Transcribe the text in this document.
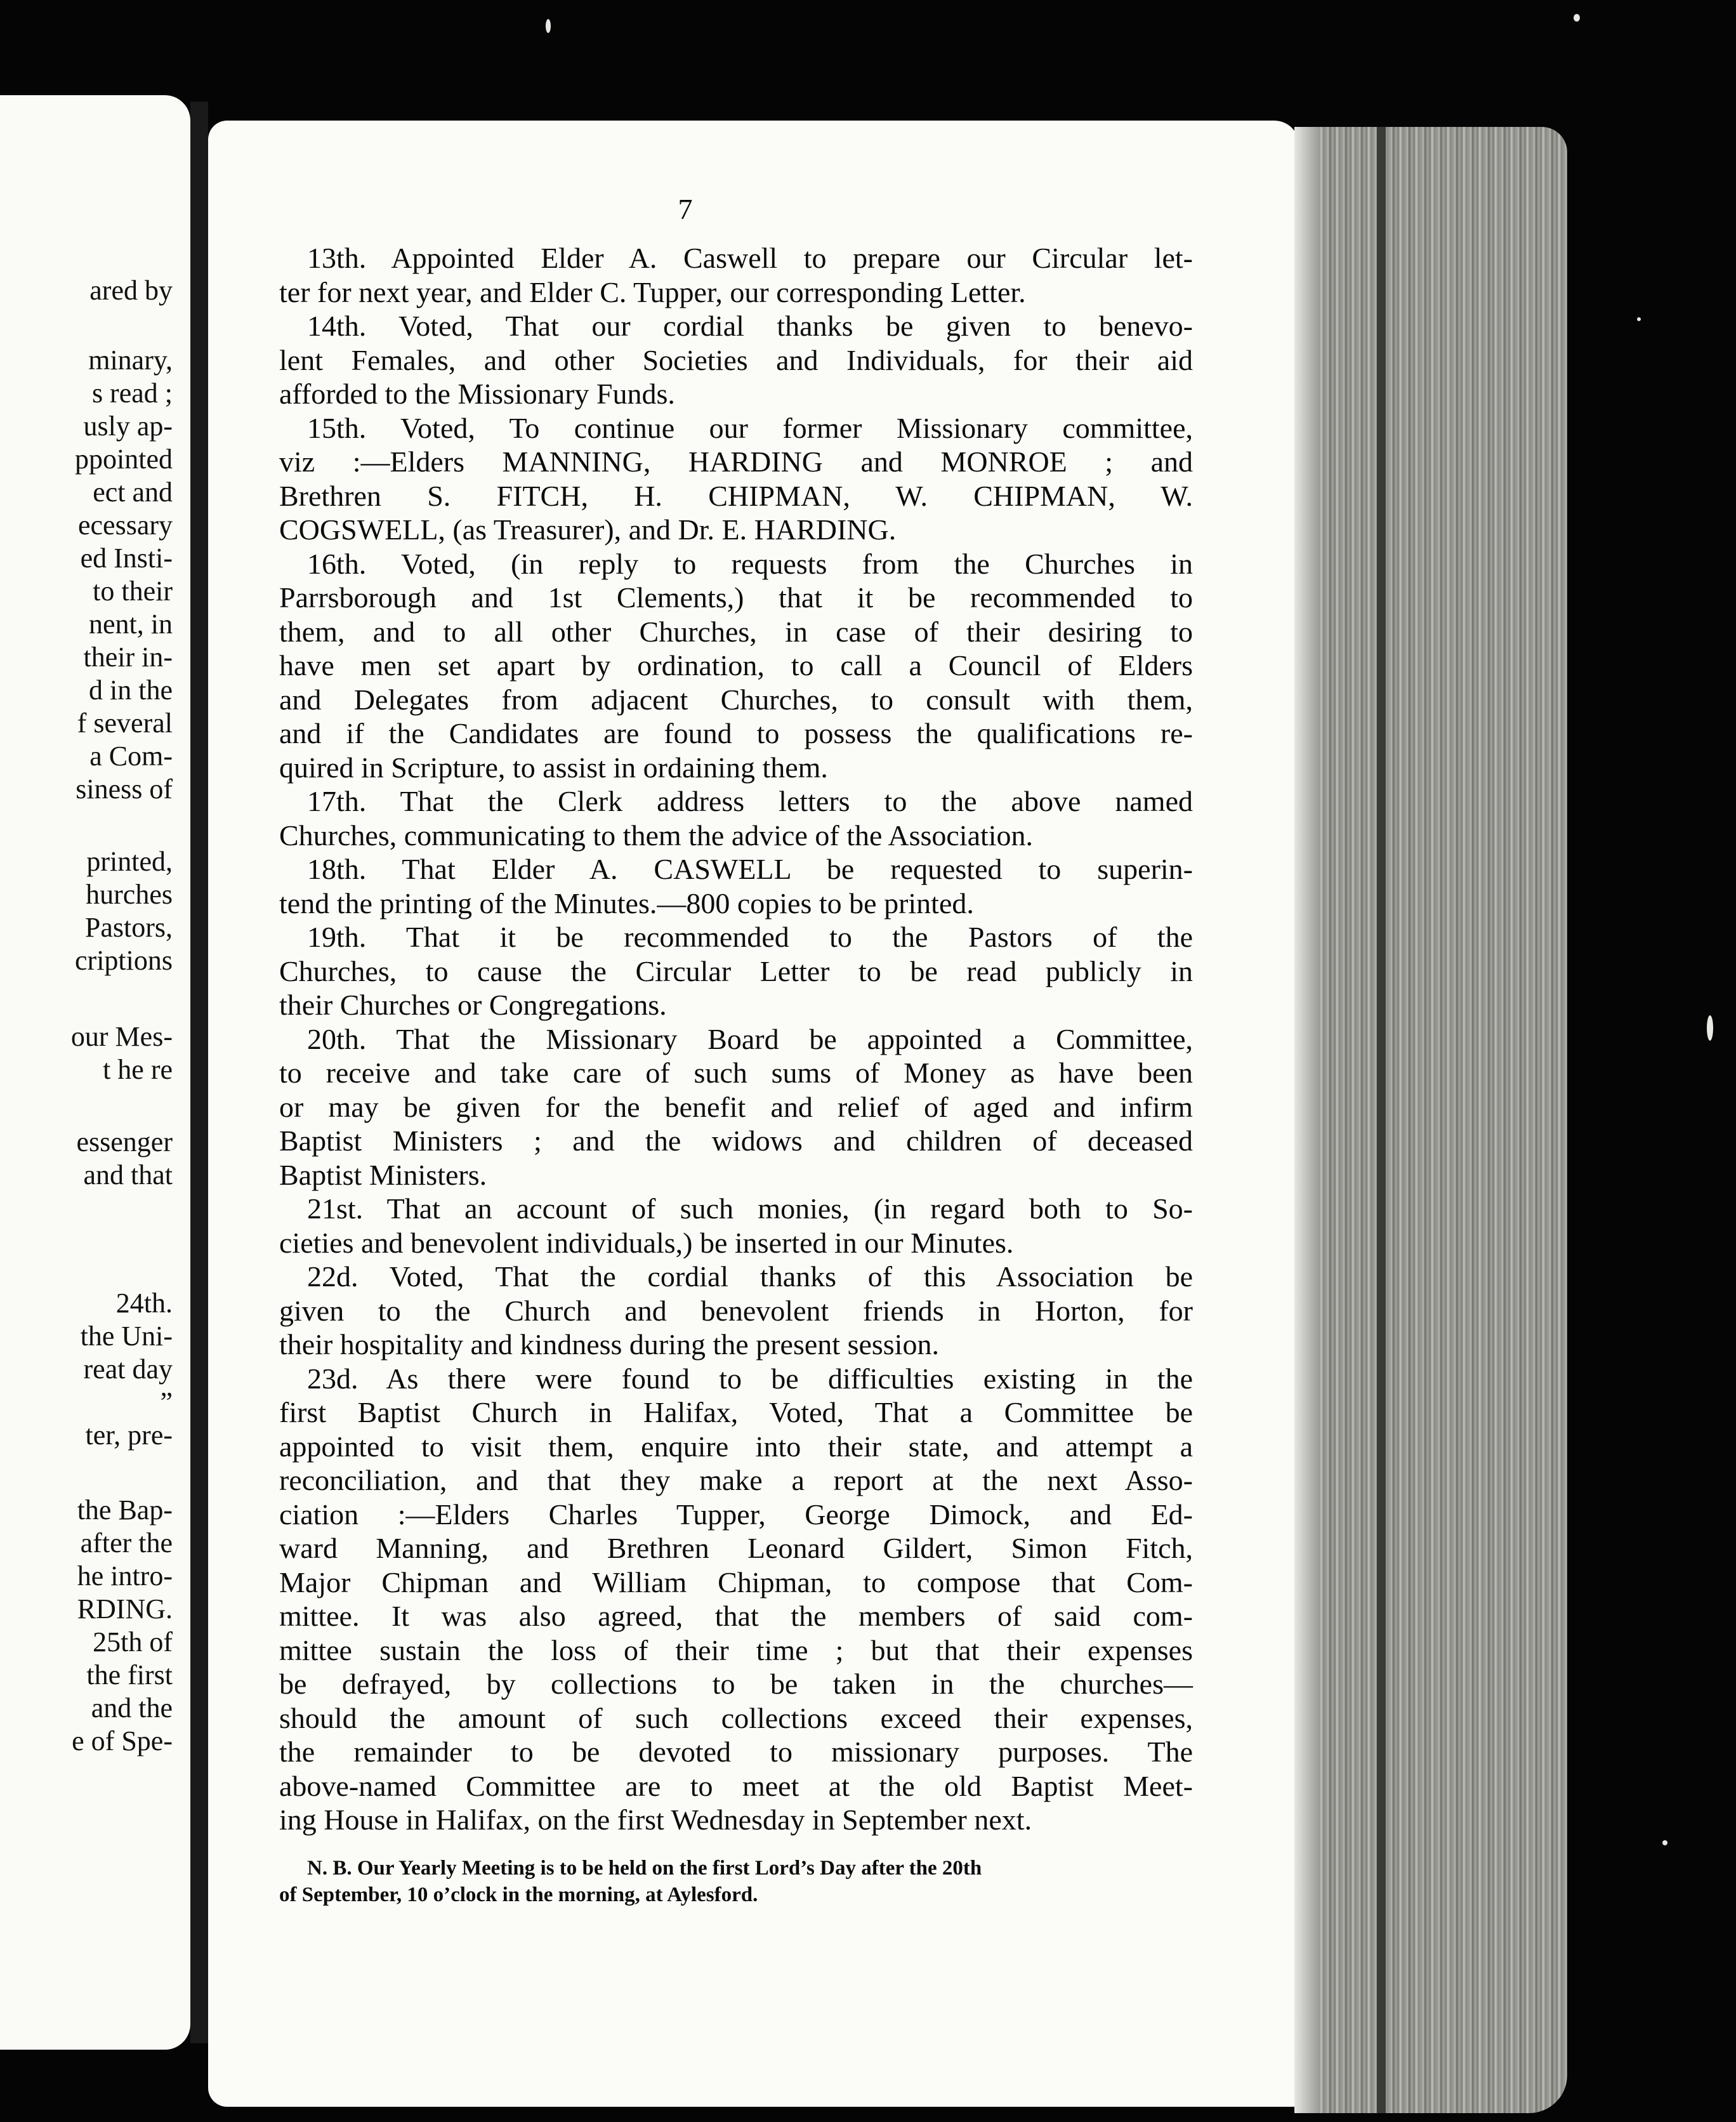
ared by
minary,
s read ;
usly ap-
ppointed
ect and
ecessary
ed Insti-
to their
nent, in
their in-
d in the
f several
a Com-
siness of
printed,
hurches
Pastors,
criptions
our Mes-
t he re
essenger
and that
24th.
the Uni-
reat day
”
ter, pre-
the Bap-
after the
he intro-
RDING.
25th of
the first
and the
e of Spe-
7
13th. Appointed Elder A. Caswell to prepare our Circular let-
ter for next year, and Elder C. Tupper, our corresponding Letter.
14th. Voted, That our cordial thanks be given to benevo-
lent Females, and other Societies and Individuals, for their aid
afforded to the Missionary Funds.
15th. Voted, To continue our former Missionary committee,
viz :—Elders MANNING, HARDING and MONROE ; and
Brethren S. FITCH, H. CHIPMAN, W. CHIPMAN, W.
COGSWELL, (as Treasurer), and Dr. E. HARDING.
16th. Voted, (in reply to requests from the Churches in
Parrsborough and 1st Clements,) that it be recommended to
them, and to all other Churches, in case of their desiring to
have men set apart by ordination, to call a Council of Elders
and Delegates from adjacent Churches, to consult with them,
and if the Candidates are found to possess the qualifications re-
quired in Scripture, to assist in ordaining them.
17th. That the Clerk address letters to the above named
Churches, communicating to them the advice of the Association.
18th. That Elder A. CASWELL be requested to superin-
tend the printing of the Minutes.—800 copies to be printed.
19th. That it be recommended to the Pastors of the
Churches, to cause the Circular Letter to be read publicly in
their Churches or Congregations.
20th. That the Missionary Board be appointed a Committee,
to receive and take care of such sums of Money as have been
or may be given for the benefit and relief of aged and infirm
Baptist Ministers ; and the widows and children of deceased
Baptist Ministers.
21st. That an account of such monies, (in regard both to So-
cieties and benevolent individuals,) be inserted in our Minutes.
22d. Voted, That the cordial thanks of this Association be
given to the Church and benevolent friends in Horton, for
their hospitality and kindness during the present session.
23d. As there were found to be difficulties existing in the
first Baptist Church in Halifax, Voted, That a Committee be
appointed to visit them, enquire into their state, and attempt a
reconciliation, and that they make a report at the next Asso-
ciation :—Elders Charles Tupper, George Dimock, and Ed-
ward Manning, and Brethren Leonard Gildert, Simon Fitch,
Major Chipman and William Chipman, to compose that Com-
mittee. It was also agreed, that the members of said com-
mittee sustain the loss of their time ; but that their expenses
be defrayed, by collections to be taken in the churches—
should the amount of such collections exceed their expenses,
the remainder to be devoted to missionary purposes. The
above-named Committee are to meet at the old Baptist Meet-
ing House in Halifax, on the first Wednesday in September next.
N. B. Our Yearly Meeting is to be held on the first Lord’s Day after the 20th
of September, 10 o’clock in the morning, at Aylesford.
